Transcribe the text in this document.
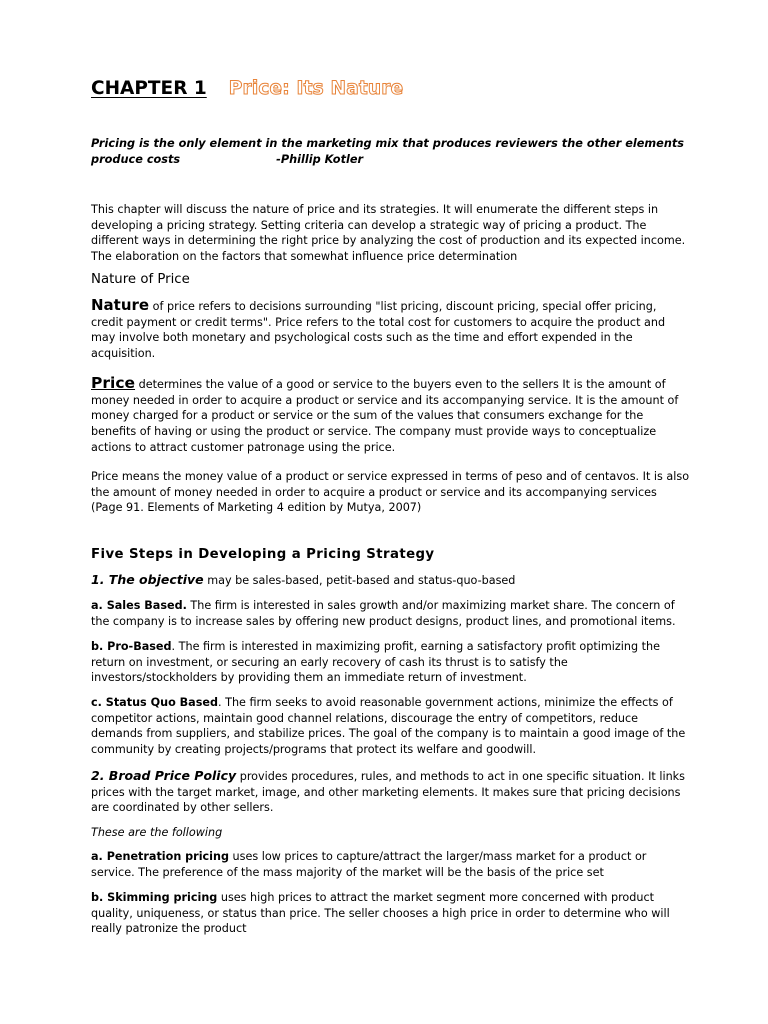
CHAPTER 1 Price: Its Nature

Pricing is the only element in the marketing mix that produces reviewers the other elements produce costs	-Phillip Kotler

This chapter will discuss the nature of price and its strategies. It will enumerate the different steps in developing a pricing strategy. Setting criteria can develop a strategic way of pricing a product. The different ways in determining the right price by analyzing the cost of production and its expected income. The elaboration on the factors that somewhat influence price determination

Nature of Price

Nature of price refers to decisions surrounding "list pricing, discount pricing, special offer pricing, credit payment or credit terms". Price refers to the total cost for customers to acquire the product and may involve both monetary and psychological costs such as the time and effort expended in the acquisition.

Price determines the value of a good or service to the buyers even to the sellers It is the amount of money needed in order to acquire a product or service and its accompanying service. It is the amount of money charged for a product or service or the sum of the values that consumers exchange for the benefits of having or using the product or service. The company must provide ways to conceptualize actions to attract customer patronage using the price.

Price means the money value of a product or service expressed in terms of peso and of centavos. It is also the amount of money needed in order to acquire a product or service and its accompanying services (Page 91. Elements of Marketing 4 edition by Mutya, 2007)

Five Steps in Developing a Pricing Strategy

1. The objective may be sales-based, petit-based and status-quo-based

a. Sales Based. The firm is interested in sales growth and/or maximizing market share. The concern of the company is to increase sales by offering new product designs, product lines, and promotional items.

b. Pro-Based. The firm is interested in maximizing profit, earning a satisfactory profit optimizing the return on investment, or securing an early recovery of cash its thrust is to satisfy the investors/stockholders by providing them an immediate return of investment.

c. Status Quo Based. The firm seeks to avoid reasonable government actions, minimize the effects of competitor actions, maintain good channel relations, discourage the entry of competitors, reduce demands from suppliers, and stabilize prices. The goal of the company is to maintain a good image of the community by creating projects/programs that protect its welfare and goodwill.

2. Broad Price Policy provides procedures, rules, and methods to act in one specific situation. It links prices with the target market, image, and other marketing elements. It makes sure that pricing decisions are coordinated by other sellers.

These are the following

a. Penetration pricing uses low prices to capture/attract the larger/mass market for a product or service. The preference of the mass majority of the market will be the basis of the price set

b. Skimming pricing uses high prices to attract the market segment more concerned with product quality, uniqueness, or status than price. The seller chooses a high price in order to determine who will really patronize the product
